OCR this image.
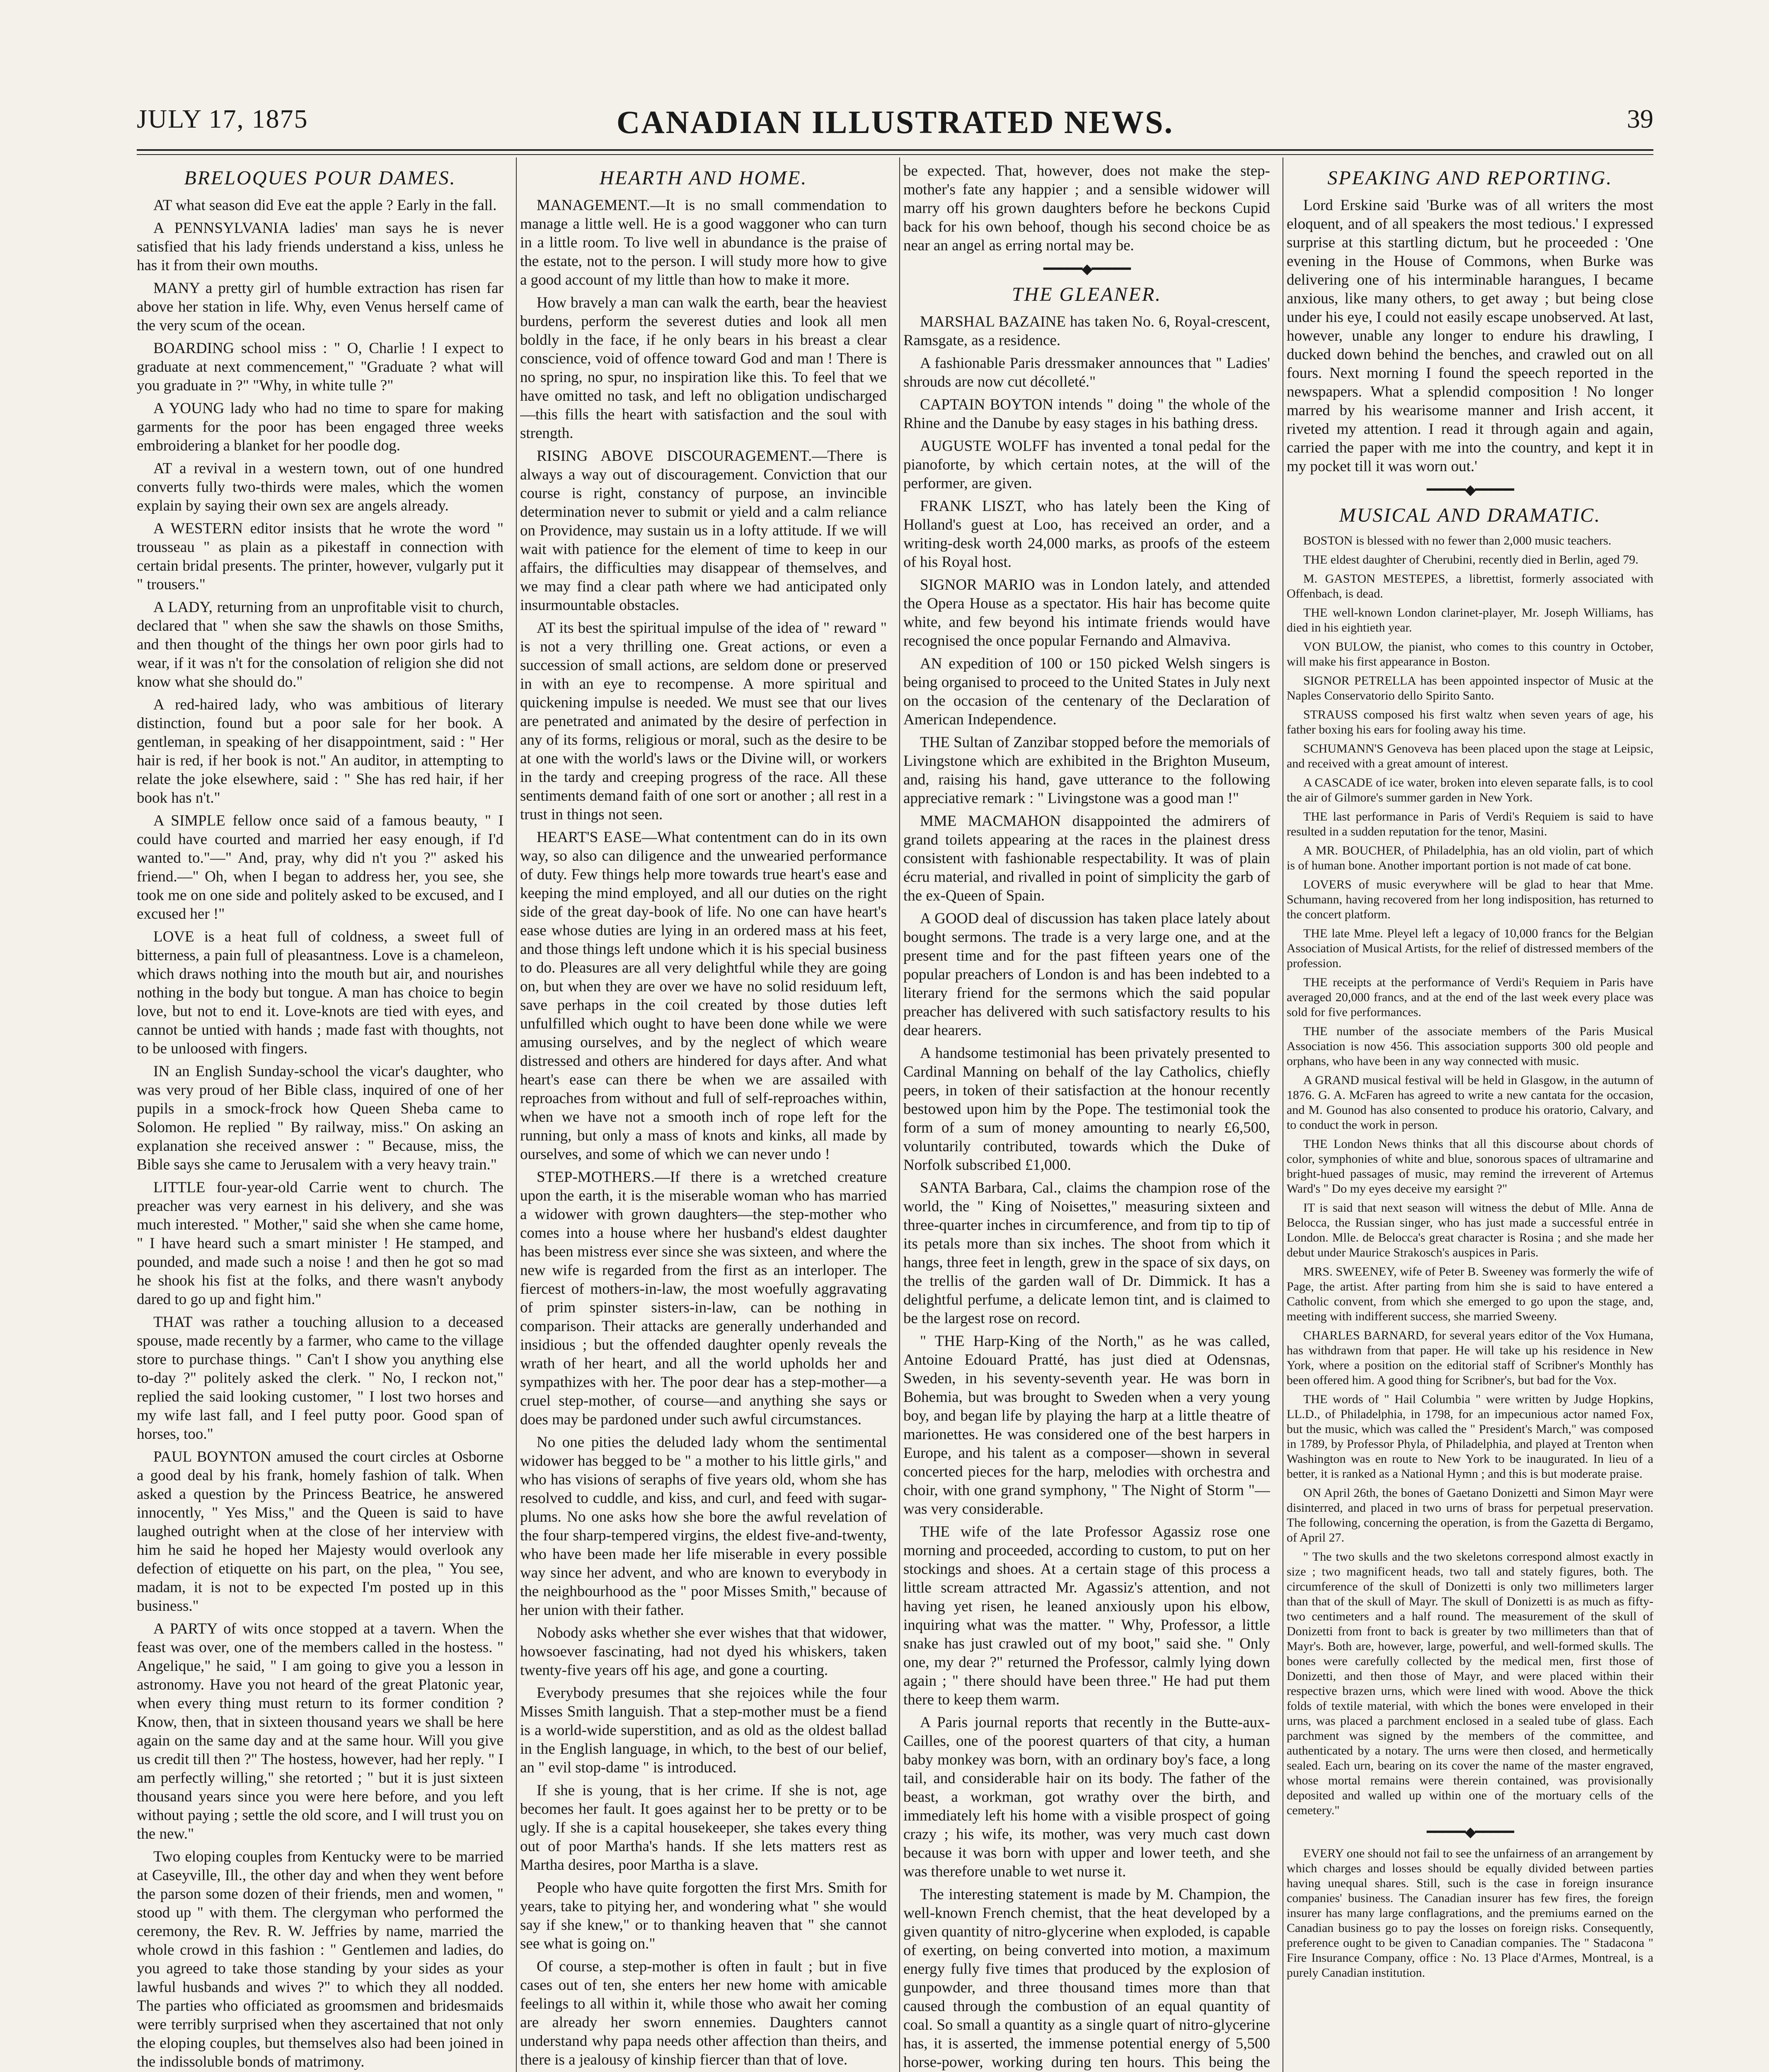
JULY 17, 1875	CANADIAN ILLUSTRATED NEWS.	39
BRELOQUES POUR DAMES.

AT what season did Eve eat the apple ? Early in the fall.

A PENNSYLVANIA ladies' man says he is never satisfied that his lady friends understand a kiss, unless he has it from their own mouths.

MANY a pretty girl of humble extraction has risen far above her station in life. Why, even Venus herself came of the very scum of the ocean.

BOARDING school miss : " O, Charlie ! I expect to graduate at next commencement," "Graduate ? what will you graduate in ?" "Why, in white tulle ?"

A YOUNG lady who had no time to spare for making garments for the poor has been engaged three weeks embroidering a blanket for her poodle dog.

AT a revival in a western town, out of one hundred converts fully two-thirds were males, which the women explain by saying their own sex are angels already.

A WESTERN editor insists that he wrote the word " trousseau " as plain as a pikestaff in connection with certain bridal presents. The printer, however, vulgarly put it " trousers."

A LADY, returning from an unprofitable visit to church, declared that " when she saw the shawls on those Smiths, and then thought of the things her own poor girls had to wear, if it was n't for the consolation of religion she did not know what she should do."

A red-haired lady, who was ambitious of literary distinction, found but a poor sale for her book. A gentleman, in speaking of her disappointment, said : " Her hair is red, if her book is not." An auditor, in attempting to relate the joke elsewhere, said : " She has red hair, if her book has n't."

A SIMPLE fellow once said of a famous beauty, " I could have courted and married her easy enough, if I'd wanted to."—" And, pray, why did n't you ?" asked his friend.—" Oh, when I began to address her, you see, she took me on one side and politely asked to be excused, and I excused her !"

LOVE is a heat full of coldness, a sweet full of bitterness, a pain full of pleasantness. Love is a chameleon, which draws nothing into the mouth but air, and nourishes nothing in the body but tongue. A man has choice to begin love, but not to end it. Love-knots are tied with eyes, and cannot be untied with hands ; made fast with thoughts, not to be unloosed with fingers.

IN an English Sunday-school the vicar's daughter, who was very proud of her Bible class, inquired of one of her pupils in a smock-frock how Queen Sheba came to Solomon. He replied " By railway, miss." On asking an explanation she received answer : " Because, miss, the Bible says she came to Jerusalem with a very heavy train."

LITTLE four-year-old Carrie went to church. The preacher was very earnest in his delivery, and she was much interested. " Mother," said she when she came home, " I have heard such a smart minister ! He stamped, and pounded, and made such a noise ! and then he got so mad he shook his fist at the folks, and there wasn't anybody dared to go up and fight him."

THAT was rather a touching allusion to a deceased spouse, made recently by a farmer, who came to the village store to purchase things. " Can't I show you anything else to-day ?" politely asked the clerk. " No, I reckon not," replied the said looking customer, " I lost two horses and my wife last fall, and I feel putty poor. Good span of horses, too."

PAUL BOYNTON amused the court circles at Osborne a good deal by his frank, homely fashion of talk. When asked a question by the Princess Beatrice, he answered innocently, " Yes Miss," and the Queen is said to have laughed outright when at the close of her interview with him he said he hoped her Majesty would overlook any defection of etiquette on his part, on the plea, " You see, madam, it is not to be expected I'm posted up in this business."

A PARTY of wits once stopped at a tavern. When the feast was over, one of the members called in the hostess. " Angelique," he said, " I am going to give you a lesson in astronomy. Have you not heard of the great Platonic year, when every thing must return to its former condition ? Know, then, that in sixteen thousand years we shall be here again on the same day and at the same hour. Will you give us credit till then ?" The hostess, however, had her reply. " I am perfectly willing," she retorted ; " but it is just sixteen thousand years since you were here before, and you left without paying ; settle the old score, and I will trust you on the new."

Two eloping couples from Kentucky were to be married at Caseyville, Ill., the other day and when they went before the parson some dozen of their friends, men and women, " stood up " with them. The clergyman who performed the ceremony, the Rev. R. W. Jeffries by name, married the whole crowd in this fashion : " Gentlemen and ladies, do you agreed to take those standing by your sides as your lawful husbands and wives ?" to which they all nodded. The parties who officiated as groomsmen and bridesmaids were terribly surprised when they ascertained that not only the eloping couples, but themselves also had been joined in the indissoluble bonds of matrimony.

HEARTH AND HOME.

MANAGEMENT.—It is no small commendation to manage a little well. He is a good waggoner who can turn in a little room. To live well in abundance is the praise of the estate, not to the person. I will study more how to give a good account of my little than how to make it more.

How bravely a man can walk the earth, bear the heaviest burdens, perform the severest duties and look all men boldly in the face, if he only bears in his breast a clear conscience, void of offence toward God and man ! There is no spring, no spur, no inspiration like this. To feel that we have omitted no task, and left no obligation undischarged—this fills the heart with satisfaction and the soul with strength.

RISING ABOVE DISCOURAGEMENT.—There is always a way out of discouragement. Conviction that our course is right, constancy of purpose, an invincible determination never to submit or yield and a calm reliance on Providence, may sustain us in a lofty attitude. If we will wait with patience for the element of time to keep in our affairs, the difficulties may disappear of themselves, and we may find a clear path where we had anticipated only insurmountable obstacles.

AT its best the spiritual impulse of the idea of " reward " is not a very thrilling one. Great actions, or even a succession of small actions, are seldom done or preserved in with an eye to recompense. A more spiritual and quickening impulse is needed. We must see that our lives are penetrated and animated by the desire of perfection in any of its forms, religious or moral, such as the desire to be at one with the world's laws or the Divine will, or workers in the tardy and creeping progress of the race. All these sentiments demand faith of one sort or another ; all rest in a trust in things not seen.

HEART'S EASE—What contentment can do in its own way, so also can diligence and the unwearied performance of duty. Few things help more towards true heart's ease and keeping the mind employed, and all our duties on the right side of the great day-book of life. No one can have heart's ease whose duties are lying in an ordered mass at his feet, and those things left undone which it is his special business to do. Pleasures are all very delightful while they are going on, but when they are over we have no solid residuum left, save perhaps in the coil created by those duties left unfulfilled which ought to have been done while we were amusing ourselves, and by the neglect of which weare distressed and others are hindered for days after. And what heart's ease can there be when we are assailed with reproaches from without and full of self-reproaches within, when we have not a smooth inch of rope left for the running, but only a mass of knots and kinks, all made by ourselves, and some of which we can never undo !

STEP-MOTHERS.—If there is a wretched creature upon the earth, it is the miserable woman who has married a widower with grown daughters—the step-mother who comes into a house where her husband's eldest daughter has been mistress ever since she was sixteen, and where the new wife is regarded from the first as an interloper. The fiercest of mothers-in-law, the most woefully aggravating of prim spinster sisters-in-law, can be nothing in comparison. Their attacks are generally underhanded and insidious ; but the offended daughter openly reveals the wrath of her heart, and all the world upholds her and sympathizes with her. The poor dear has a step-mother—a cruel step-mother, of course—and anything she says or does may be pardoned under such awful circumstances.

No one pities the deluded lady whom the sentimental widower has begged to be " a mother to his little girls," and who has visions of seraphs of five years old, whom she has resolved to cuddle, and kiss, and curl, and feed with sugar-plums. No one asks how she bore the awful revelation of the four sharp-tempered virgins, the eldest five-and-twenty, who have been made her life miserable in every possible way since her advent, and who are known to everybody in the neighbourhood as the " poor Misses Smith," because of her union with their father.

Nobody asks whether she ever wishes that that widower, howsoever fascinating, had not dyed his whiskers, taken twenty-five years off his age, and gone a courting.

Everybody presumes that she rejoices while the four Misses Smith languish. That a step-mother must be a fiend is a world-wide superstition, and as old as the oldest ballad in the English language, in which, to the best of our belief, an " evil stop-dame " is introduced.

If she is young, that is her crime. If she is not, age becomes her fault. It goes against her to be pretty or to be ugly. If she is a capital housekeeper, she takes every thing out of poor Martha's hands. If she lets matters rest as Martha desires, poor Martha is a slave.

People who have quite forgotten the first Mrs. Smith for years, take to pitying her, and wondering what " she would say if she knew," or to thanking heaven that " she cannot see what is going on."

Of course, a step-mother is often in fault ; but in five cases out of ten, she enters her new home with amicable feelings to all within it, while those who await her coming are already her sworn ennemies. Daughters cannot understand why papa needs other affection than theirs, and there is a jealousy of kinship fiercer than that of love.

be expected. That, however, does not make the step-mother's fate any happier ; and a sensible widower will marry off his grown daughters before he beckons Cupid back for his own behoof, though his second choice be as near an angel as erring nortal may be.

━━━━━◆━━━━━
THE GLEANER.

MARSHAL BAZAINE has taken No. 6, Royal-crescent, Ramsgate, as a residence.

A fashionable Paris dressmaker announces that " Ladies' shrouds are now cut décolleté."

CAPTAIN BOYTON intends " doing " the whole of the Rhine and the Danube by easy stages in his bathing dress.

AUGUSTE WOLFF has invented a tonal pedal for the pianoforte, by which certain notes, at the will of the performer, are given.

FRANK LISZT, who has lately been the King of Holland's guest at Loo, has received an order, and a writing-desk worth 24,000 marks, as proofs of the esteem of his Royal host.

SIGNOR MARIO was in London lately, and attended the Opera House as a spectator. His hair has become quite white, and few beyond his intimate friends would have recognised the once popular Fernando and Almaviva.

AN expedition of 100 or 150 picked Welsh singers is being organised to proceed to the United States in July next on the occasion of the centenary of the Declaration of American Independence.

THE Sultan of Zanzibar stopped before the memorials of Livingstone which are exhibited in the Brighton Museum, and, raising his hand, gave utterance to the following appreciative remark : " Livingstone was a good man !"

MME MACMAHON disappointed the admirers of grand toilets appearing at the races in the plainest dress consistent with fashionable respectability. It was of plain écru material, and rivalled in point of simplicity the garb of the ex-Queen of Spain.

A GOOD deal of discussion has taken place lately about bought sermons. The trade is a very large one, and at the present time and for the past fifteen years one of the popular preachers of London is and has been indebted to a literary friend for the sermons which the said popular preacher has delivered with such satisfactory results to his dear hearers.

A handsome testimonial has been privately presented to Cardinal Manning on behalf of the lay Catholics, chiefly peers, in token of their satisfaction at the honour recently bestowed upon him by the Pope. The testimonial took the form of a sum of money amounting to nearly £6,500, voluntarily contributed, towards which the Duke of Norfolk subscribed £1,000.

SANTA Barbara, Cal., claims the champion rose of the world, the " King of Noisettes," measuring sixteen and three-quarter inches in circumference, and from tip to tip of its petals more than six inches. The shoot from which it hangs, three feet in length, grew in the space of six days, on the trellis of the garden wall of Dr. Dimmick. It has a delightful perfume, a delicate lemon tint, and is claimed to be the largest rose on record.

" THE Harp-King of the North," as he was called, Antoine Edouard Pratté, has just died at Odensnas, Sweden, in his seventy-seventh year. He was born in Bohemia, but was brought to Sweden when a very young boy, and began life by playing the harp at a little theatre of marionettes. He was considered one of the best harpers in Europe, and his talent as a composer—shown in several concerted pieces for the harp, melodies with orchestra and choir, with one grand symphony, " The Night of Storm "—was very considerable.

THE wife of the late Professor Agassiz rose one morning and proceeded, according to custom, to put on her stockings and shoes. At a certain stage of this process a little scream attracted Mr. Agassiz's attention, and not having yet risen, he leaned anxiously upon his elbow, inquiring what was the matter. " Why, Professor, a little snake has just crawled out of my boot," said she. " Only one, my dear ?" returned the Professor, calmly lying down again ; " there should have been three." He had put them there to keep them warm.

A Paris journal reports that recently in the Butte-aux-Cailles, one of the poorest quarters of that city, a human baby monkey was born, with an ordinary boy's face, a long tail, and considerable hair on its body. The father of the beast, a workman, got wrathy over the birth, and immediately left his home with a visible prospect of going crazy ; his wife, its mother, was very much cast down because it was born with upper and lower teeth, and she was therefore unable to wet nurse it.

The interesting statement is made by M. Champion, the well-known French chemist, that the heat developed by a given quantity of nitro-glycerine when exploded, is capable of exerting, on being converted into motion, a maximum energy fully five times that produced by the explosion of gunpowder, and three thousand times more than that caused through the combustion of an equal quantity of coal. So small a quantity as a single quart of nitro-glycerine has, it is asserted, the immense potential energy of 5,500 horse-power, working during ten hours. This being the

SPEAKING AND REPORTING.

Lord Erskine said 'Burke was of all writers the most eloquent, and of all speakers the most tedious.' I expressed surprise at this startling dictum, but he proceeded : 'One evening in the House of Commons, when Burke was delivering one of his interminable harangues, I became anxious, like many others, to get away ; but being close under his eye, I could not easily escape unobserved. At last, however, unable any longer to endure his drawling, I ducked down behind the benches, and crawled out on all fours. Next morning I found the speech reported in the newspapers. What a splendid composition ! No longer marred by his wearisome manner and Irish accent, it riveted my attention. I read it through again and again, carried the paper with me into the country, and kept it in my pocket till it was worn out.'

━━━━━◆━━━━━
MUSICAL AND DRAMATIC.

BOSTON is blessed with no fewer than 2,000 music teachers.

THE eldest daughter of Cherubini, recently died in Berlin, aged 79.

M. GASTON MESTEPES, a librettist, formerly associated with Offenbach, is dead.

THE well-known London clarinet-player, Mr. Joseph Williams, has died in his eightieth year.

VON BULOW, the pianist, who comes to this country in October, will make his first appearance in Boston.

SIGNOR PETRELLA has been appointed inspector of Music at the Naples Conservatorio dello Spirito Santo.

STRAUSS composed his first waltz when seven years of age, his father boxing his ears for fooling away his time.

SCHUMANN'S Genoveva has been placed upon the stage at Leipsic, and received with a great amount of interest.

A CASCADE of ice water, broken into eleven separate falls, is to cool the air of Gilmore's summer garden in New York.

THE last performance in Paris of Verdi's Requiem is said to have resulted in a sudden reputation for the tenor, Masini.

A MR. BOUCHER, of Philadelphia, has an old violin, part of which is of human bone. Another important portion is not made of cat bone.

LOVERS of music everywhere will be glad to hear that Mme. Schumann, having recovered from her long indisposition, has returned to the concert platform.

THE late Mme. Pleyel left a legacy of 10,000 francs for the Belgian Association of Musical Artists, for the relief of distressed members of the profession.

THE receipts at the performance of Verdi's Requiem in Paris have averaged 20,000 francs, and at the end of the last week every place was sold for five performances.

THE number of the associate members of the Paris Musical Association is now 456. This association supports 300 old people and orphans, who have been in any way connected with music.

A GRAND musical festival will be held in Glasgow, in the autumn of 1876. G. A. McFaren has agreed to write a new cantata for the occasion, and M. Gounod has also consented to produce his oratorio, Calvary, and to conduct the work in person.

THE London News thinks that all this discourse about chords of color, symphonies of white and blue, sonorous spaces of ultramarine and bright-hued passages of music, may remind the irreverent of Artemus Ward's " Do my eyes deceive my earsight ?"

IT is said that next season will witness the debut of Mlle. Anna de Belocca, the Russian singer, who has just made a successful entrée in London. Mlle. de Belocca's great character is Rosina ; and she made her debut under Maurice Strakosch's auspices in Paris.

MRS. SWEENEY, wife of Peter B. Sweeney was formerly the wife of Page, the artist. After parting from him she is said to have entered a Catholic convent, from which she emerged to go upon the stage, and, meeting with indifferent success, she married Sweeny.

CHARLES BARNARD, for several years editor of the Vox Humana, has withdrawn from that paper. He will take up his residence in New York, where a position on the editorial staff of Scribner's Monthly has been offered him. A good thing for Scribner's, but bad for the Vox.

THE words of " Hail Columbia " were written by Judge Hopkins, LL.D., of Philadelphia, in 1798, for an impecunious actor named Fox, but the music, which was called the " President's March," was composed in 1789, by Professor Phyla, of Philadelphia, and played at Trenton when Washington was en route to New York to be inaugurated. In lieu of a better, it is ranked as a National Hymn ; and this is but moderate praise.

ON April 26th, the bones of Gaetano Donizetti and Simon Mayr were disinterred, and placed in two urns of brass for perpetual preservation. The following, concerning the operation, is from the Gazetta di Bergamo, of April 27.

" The two skulls and the two skeletons correspond almost exactly in size ; two magnificent heads, two tall and stately figures, both. The circumference of the skull of Donizetti is only two millimeters larger than that of the skull of Mayr. The skull of Donizetti is as much as fifty-two centimeters and a half round. The measurement of the skull of Donizetti from front to back is greater by two millimeters than that of Mayr's. Both are, however, large, powerful, and well-formed skulls. The bones were carefully collected by the medical men, first those of Donizetti, and then those of Mayr, and were placed within their respective brazen urns, which were lined with wood. Above the thick folds of textile material, with which the bones were enveloped in their urns, was placed a parchment enclosed in a sealed tube of glass. Each parchment was signed by the members of the committee, and authenticated by a notary. The urns were then closed, and hermetically sealed. Each urn, bearing on its cover the name of the master engraved, whose mortal remains were therein contained, was provisionally deposited and walled up within one of the mortuary cells of the cemetery."

━━━━━◆━━━━━

EVERY one should not fail to see the unfairness of an arrangement by which charges and losses should be equally divided between parties having unequal shares. Still, such is the case in foreign insurance companies' business. The Canadian insurer has few fires, the foreign insurer has many large conflagrations, and the premiums earned on the Canadian business go to pay the losses on foreign risks. Consequently, preference ought to be given to Canadian companies. The " Stadacona " Fire Insurance Company, office : No. 13 Place d'Armes, Montreal, is a purely Canadian institution.
